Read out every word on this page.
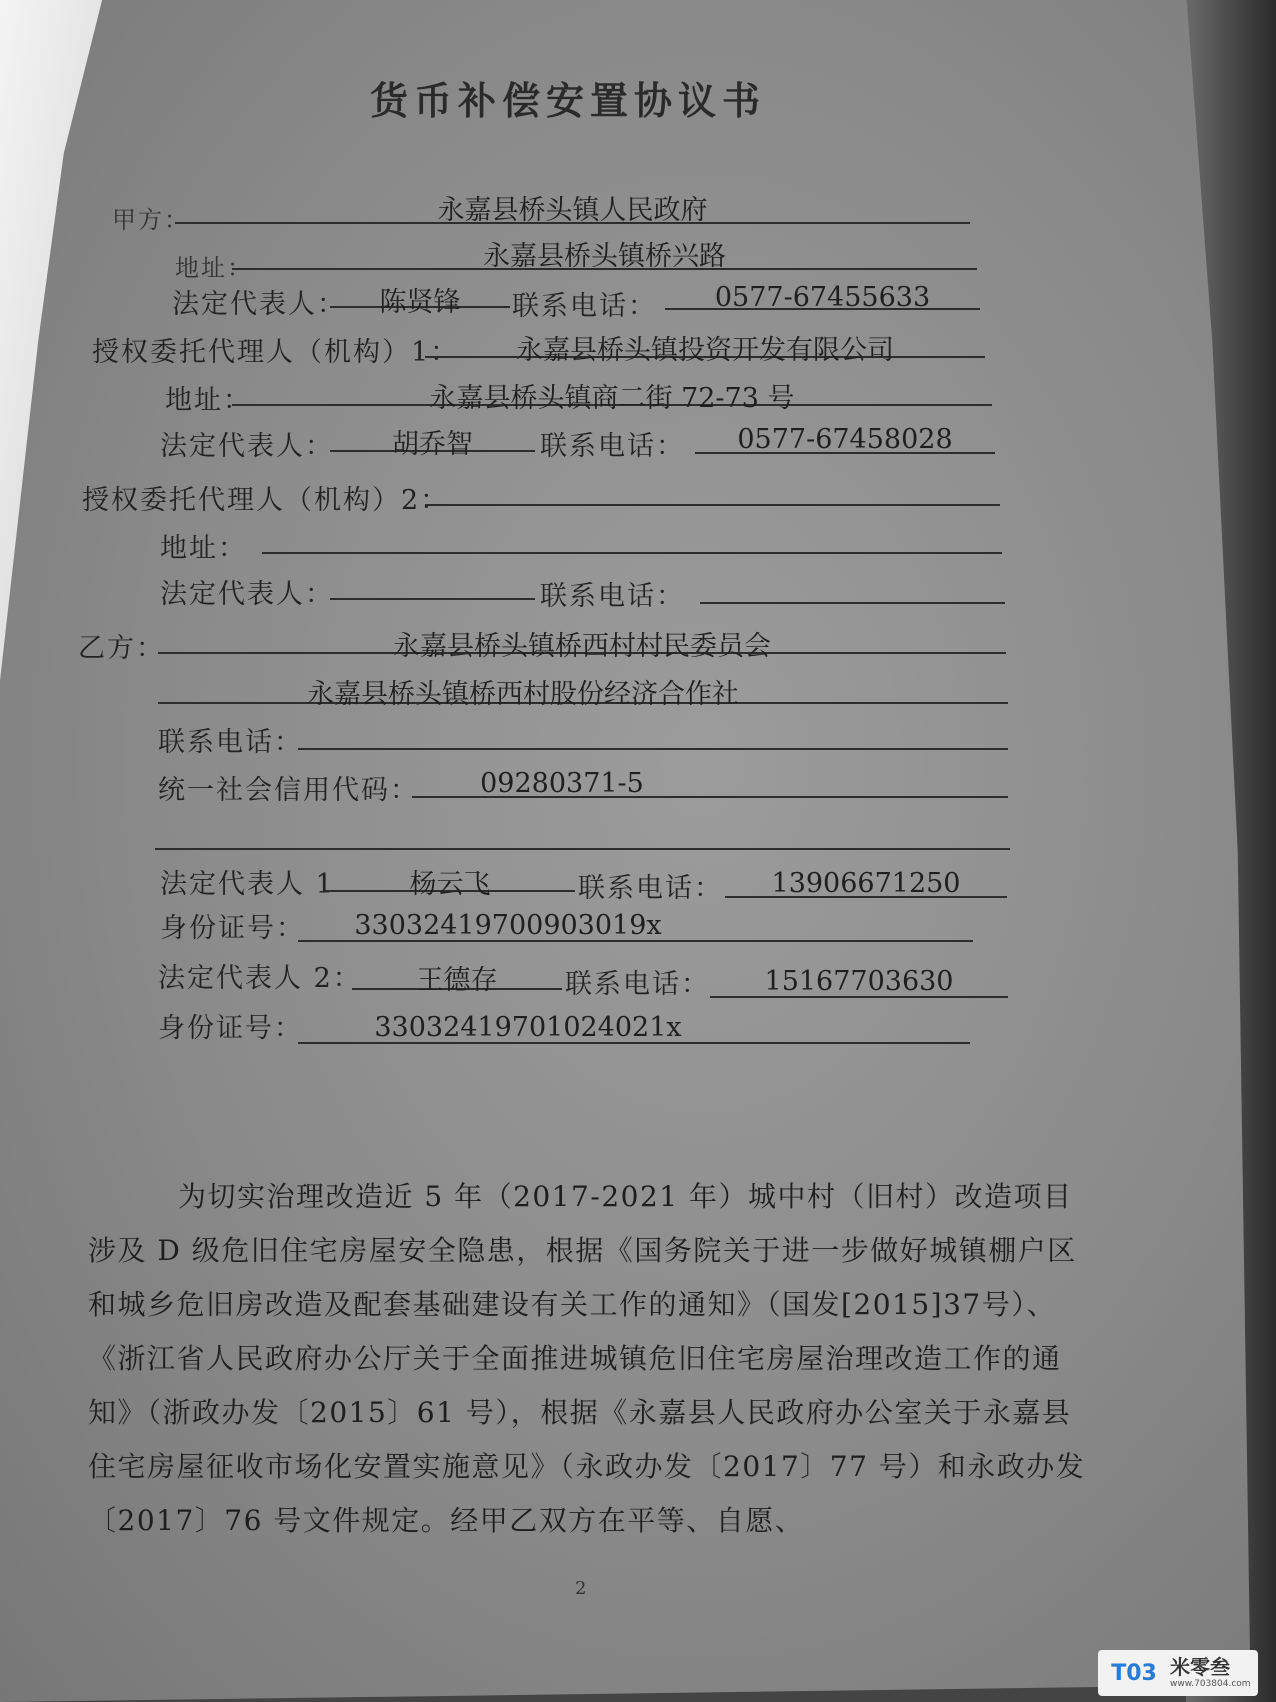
货币补偿安置协议书
甲方：	永嘉县桥头镇人民政府
地址：	永嘉县桥头镇桥兴路
法定代表人：	陈贤锋	联系电话：	0577-67455633
授权委托代理人（机构）1：	永嘉县桥头镇投资开发有限公司
地址：	永嘉县桥头镇商二街 72-73 号
法定代表人：	胡乔智	联系电话：	0577-67458028
授权委托代理人（机构）2：
地址：
法定代表人：	联系电话：
乙方：	永嘉县桥头镇桥西村村民委员会
永嘉县桥头镇桥西村股份经济合作社
联系电话：
统一社会信用代码：	09280371-5
法定代表人 1	杨云飞	联系电话：	13906671250
身份证号：	33032419700903019x
法定代表人 2：	王德存	联系电话：	15167703630
身份证号：	33032419701024021x
为切实治理改造近 5 年（2017-2021 年）城中村（旧村）改造项目涉及 D 级危旧住宅房屋安全隐患，根据《国务院关于进一步做好城镇棚户区和城乡危旧房改造及配套基础建设有关工作的通知》（国发[2015]37号）、《浙江省人民政府办公厅关于全面推进城镇危旧住宅房屋治理改造工作的通知》（浙政办发〔2015〕61 号），根据《永嘉县人民政府办公室关于永嘉县住宅房屋征收市场化安置实施意见》（永政办发〔2017〕77 号）和永政办发〔2017〕76 号文件规定。经甲乙双方在平等、自愿、
2
T03 米零叁
www.703804.com
